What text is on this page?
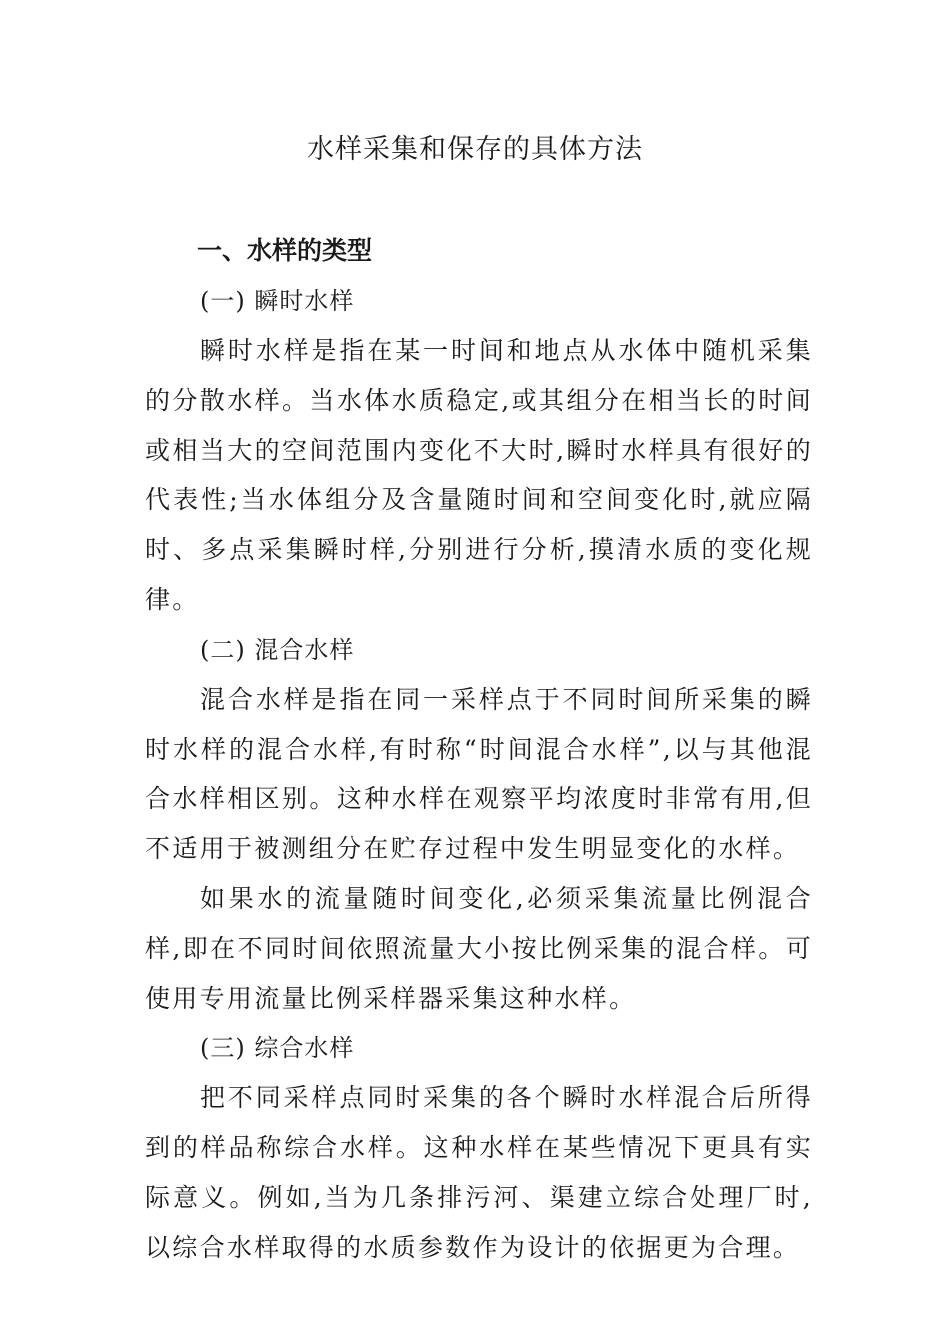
水样采集和保存的具体方法
一、水样的类型
(一) 瞬时水样

瞬时水样是指在某一时间和地点从水体中随机采集的分散水样。当水体水质稳定,或其组分在相当长的时间或相当大的空间范围内变化不大时,瞬时水样具有很好的代表性;当水体组分及含量随时间和空间变化时,就应隔时、多点采集瞬时样,分别进行分析,摸清水质的变化规律。

(二) 混合水样

混合水样是指在同一采样点于不同时间所采集的瞬时水样的混合水样,有时称“时间混合水样”,以与其他混合水样相区别。这种水样在观察平均浓度时非常有用,但不适用于被测组分在贮存过程中发生明显变化的水样。

如果水的流量随时间变化,必须采集流量比例混合样,即在不同时间依照流量大小按比例采集的混合样。可使用专用流量比例采样器采集这种水样。

(三) 综合水样

把不同采样点同时采集的各个瞬时水样混合后所得到的样品称综合水样。这种水样在某些情况下更具有实际意义。例如,当为几条排污河、渠建立综合处理厂时,以综合水样取得的水质参数作为设计的依据更为合理。
